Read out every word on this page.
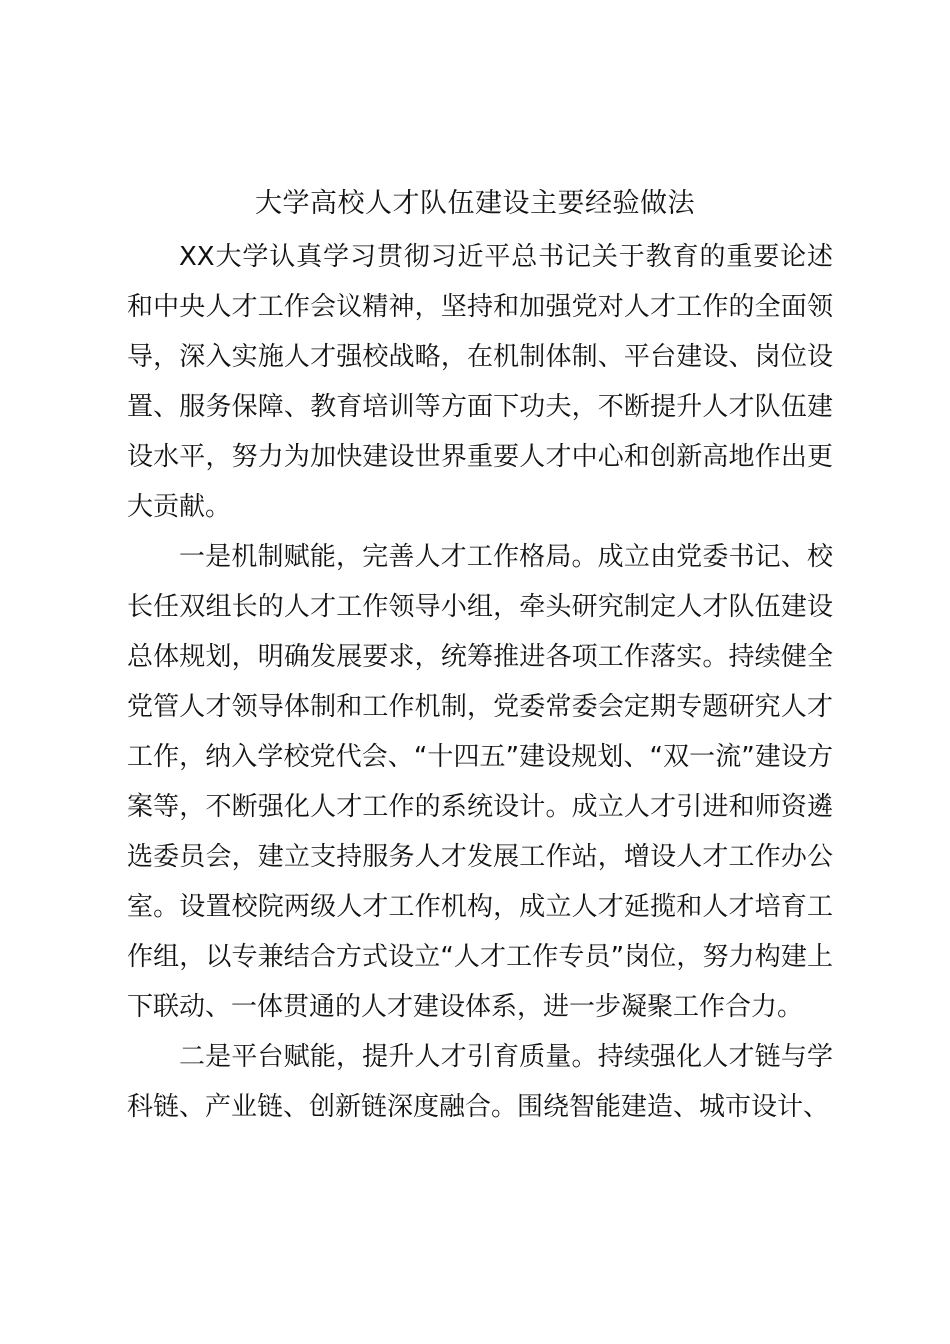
大学高校人才队伍建设主要经验做法

XX大学认真学习贯彻习近平总书记关于教育的重要论述和中央人才工作会议精神，坚持和加强党对人才工作的全面领导，深入实施人才强校战略，在机制体制、平台建设、岗位设置、服务保障、教育培训等方面下功夫，不断提升人才队伍建设水平，努力为加快建设世界重要人才中心和创新高地作出更大贡献。

一是机制赋能，完善人才工作格局。成立由党委书记、校长任双组长的人才工作领导小组，牵头研究制定人才队伍建设总体规划，明确发展要求，统筹推进各项工作落实。持续健全党管人才领导体制和工作机制，党委常委会定期专题研究人才工作，纳入学校党代会、“十四五”建设规划、“双一流”建设方案等，不断强化人才工作的系统设计。成立人才引进和师资遴选委员会，建立支持服务人才发展工作站，增设人才工作办公室。设置校院两级人才工作机构，成立人才延揽和人才培育工作组，以专兼结合方式设立“人才工作专员”岗位，努力构建上下联动、一体贯通的人才建设体系，进一步凝聚工作合力。

二是平台赋能，提升人才引育质量。持续强化人才链与学科链、产业链、创新链深度融合。围绕智能建造、城市设计、
